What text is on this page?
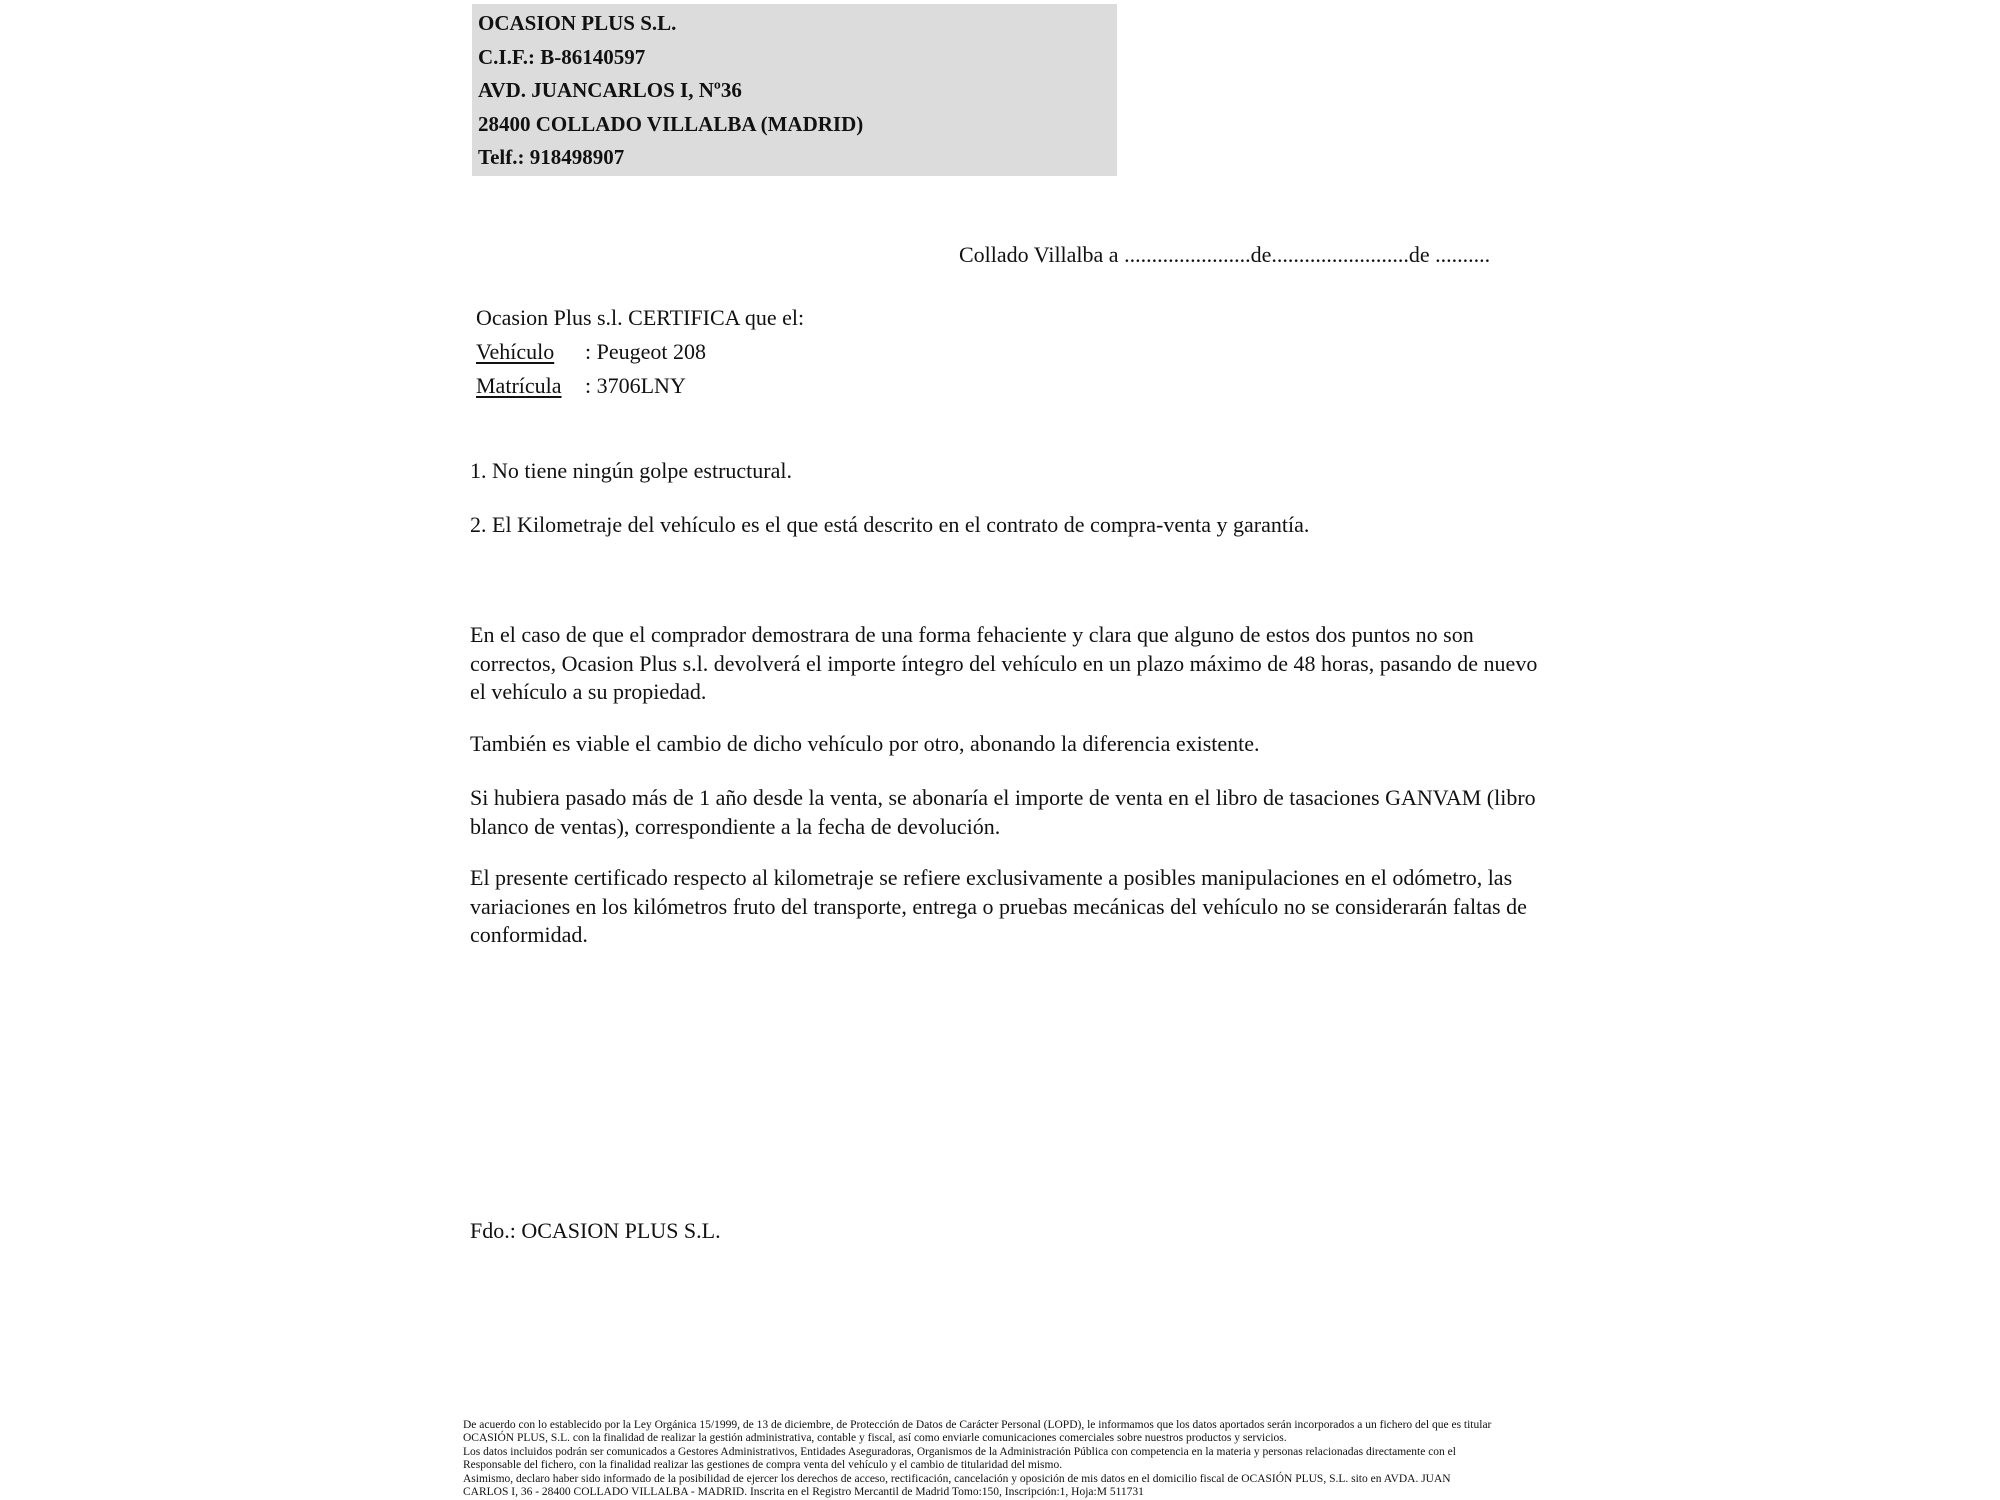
OCASION PLUS S.L.
C.I.F.: B-86140597
AVD. JUANCARLOS I, Nº36
28400 COLLADO VILLALBA (MADRID)
Telf.: 918498907
Collado Villalba a .......................de.........................de ..........
Ocasion Plus s.l. CERTIFICA que el:
Vehículo : Peugeot 208
Matrícula : 3706LNY
1. No tiene ningún golpe estructural.
2. El Kilometraje del vehículo es el que está descrito en el contrato de compra-venta y garantía.
En el caso de que el comprador demostrara de una forma fehaciente y clara que alguno de estos dos puntos no son correctos, Ocasion Plus s.l. devolverá el importe íntegro del vehículo en un plazo máximo de 48 horas, pasando de nuevo el vehículo a su propiedad.
También es viable el cambio de dicho vehículo por otro, abonando la diferencia existente.
Si hubiera pasado más de 1 año desde la venta, se abonaría el importe de venta en el libro de tasaciones GANVAM (libro blanco de ventas), correspondiente a la fecha de devolución.
El presente certificado respecto al kilometraje se refiere exclusivamente a posibles manipulaciones en el odómetro, las variaciones en los kilómetros fruto del transporte, entrega o pruebas mecánicas del vehículo no se considerarán faltas de conformidad.
Fdo.: OCASION PLUS S.L.
De acuerdo con lo establecido por la Ley Orgánica 15/1999, de 13 de diciembre, de Protección de Datos de Carácter Personal (LOPD), le informamos que los datos aportados serán incorporados a un fichero del que es titular
OCASIÓN PLUS, S.L. con la finalidad de realizar la gestión administrativa, contable y fiscal, así como enviarle comunicaciones comerciales sobre nuestros productos y servicios.
Los datos incluidos podrán ser comunicados a Gestores Administrativos, Entidades Aseguradoras, Organismos de la Administración Pública con competencia en la materia y personas relacionadas directamente con el
Responsable del fichero, con la finalidad realizar las gestiones de compra venta del vehículo y el cambio de titularidad del mismo.
Asimismo, declaro haber sido informado de la posibilidad de ejercer los derechos de acceso, rectificación, cancelación y oposición de mis datos en el domicilio fiscal de OCASIÓN PLUS, S.L. sito en AVDA. JUAN
CARLOS I, 36 - 28400 COLLADO VILLALBA - MADRID. Inscrita en el Registro Mercantil de Madrid Tomo:150, Inscripción:1, Hoja:M 511731
